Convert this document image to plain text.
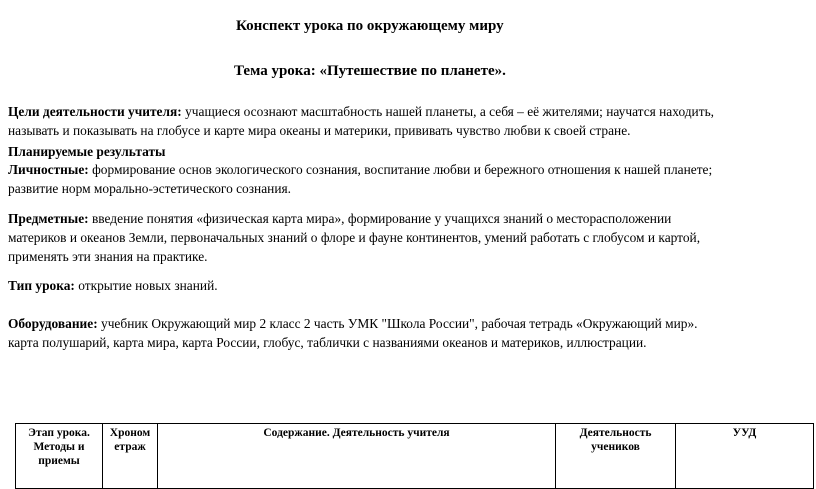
Конспект урока по окружающему миру
Тема урока: «Путешествие по планете».
Цели деятельности учителя: учащиеся осознают масштабность нашей планеты, а себя – её жителями; научатся находить,
называть и показывать на глобусе и карте мира океаны и материки, прививать чувство любви к своей стране.
Планируемые результаты
Личностные: формирование основ экологического сознания, воспитание любви и бережного отношения к нашей планете;
развитие норм морально-эстетического сознания.
Предметные: введение понятия «физическая карта мира», формирование у учащихся знаний о месторасположении
материков и океанов Земли, первоначальных знаний о флоре и фауне континентов, умений работать с глобусом и картой,
применять эти знания на практике.
Тип урока: открытие новых знаний.
Оборудование: учебник Окружающий мир 2 класс 2 часть УМК "Школа России", рабочая тетрадь «Окружающий мир».
карта полушарий, карта мира, карта России, глобус, таблички с названиями океанов и материков, иллюстрации.
Этап урока. Методы и приемы	Хроном етраж	Содержание. Деятельность учителя	Деятельность учеников	УУД
